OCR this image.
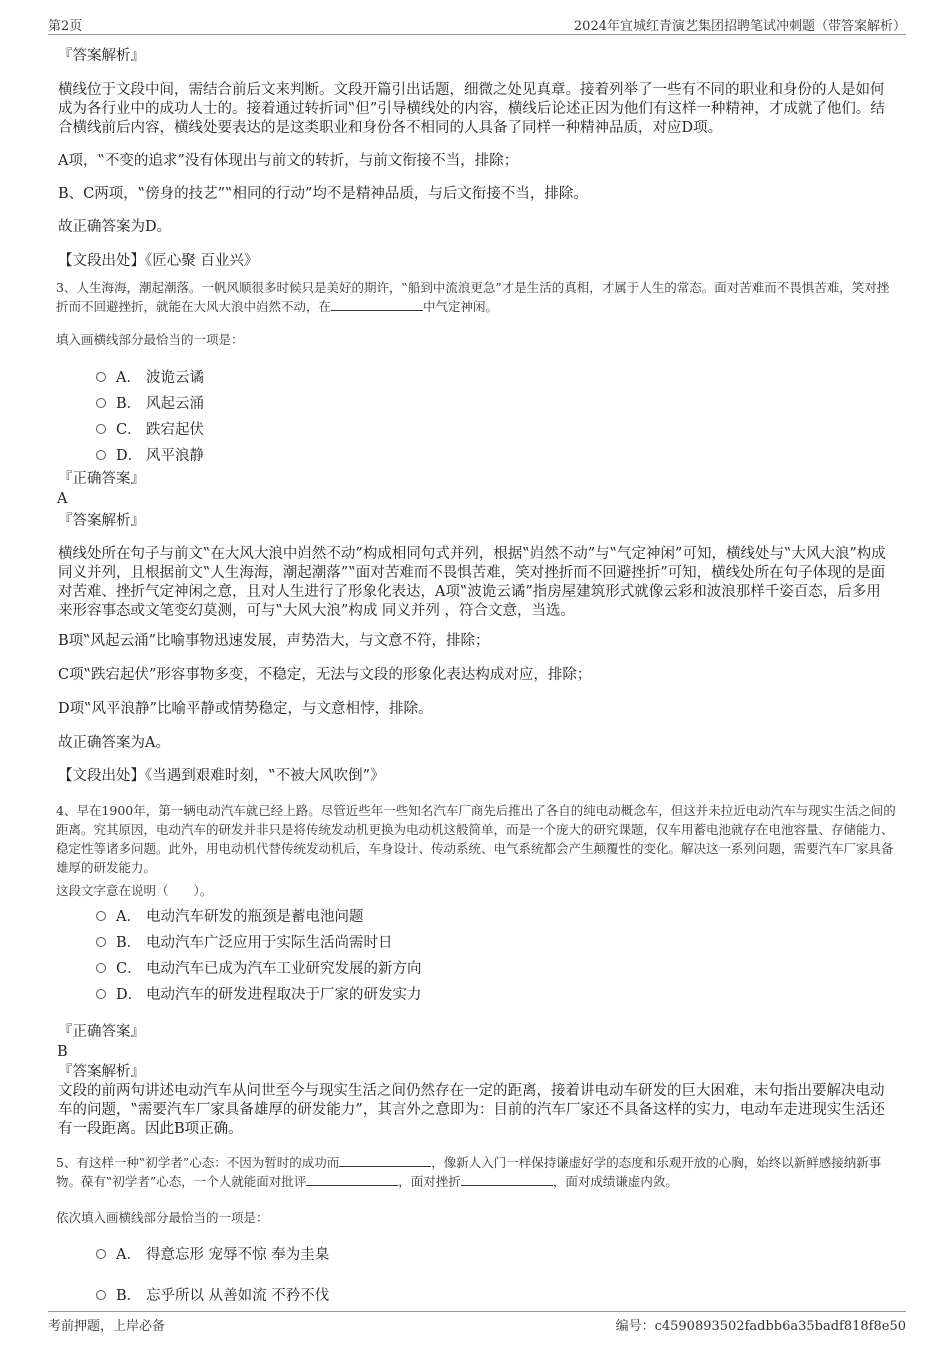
第2页	2024年宜城红青演艺集团招聘笔试冲刺题（带答案解析）
『答案解析』
横线位于文段中间，需结合前后文来判断。文段开篇引出话题，细微之处见真章。接着列举了一些有不同的职业和身份的人是如何成为各行业中的成功人士的。接着通过转折词‟但”引导横线处的内容，横线后论述正因为他们有这样一种精神，才成就了他们。结合横线前后内容，横线处要表达的是这类职业和身份各不相同的人具备了同样一种精神品质，对应D项。
A项，‟不变的追求”没有体现出与前文的转折，与前文衔接不当，排除；
B、C两项，‟傍身的技艺”‟相同的行动”均不是精神品质，与后文衔接不当，排除。
故正确答案为D。
【文段出处】《匠心聚 百业兴》
3、人生海海，潮起潮落。一帆风顺很多时候只是美好的期许，‟船到中流浪更急”才是生活的真相，才属于人生的常态。面对苦难而不畏惧苦难，笑对挫折而不回避挫折，就能在大风大浪中岿然不动，在	中气定神闲。
填入画横线部分最恰当的一项是：
A． 波诡云谲
B． 风起云涌
C． 跌宕起伏
D． 风平浪静
『正确答案』
A
『答案解析』
横线处所在句子与前文‟在大风大浪中岿然不动”构成相同句式并列，根据‟岿然不动”与‟气定神闲”可知，横线处与‟大风大浪”构成同义并列，且根据前文‟人生海海，潮起潮落”‟面对苦难而不畏惧苦难，笑对挫折而不回避挫折”可知，横线处所在句子体现的是面对苦难、挫折气定神闲之意，且对人生进行了形象化表达，A项‟波诡云谲”指房屋建筑形式就像云彩和波浪那样千姿百态，后多用来形容事态或文笔变幻莫测，可与‟大风大浪”构成 同义并列 ，符合文意，当选。
B项‟风起云涌”比喻事物迅速发展，声势浩大，与文意不符，排除；
C项‟跌宕起伏”形容事物多变，不稳定，无法与文段的形象化表达构成对应，排除；
D项‟风平浪静”比喻平静或情势稳定，与文意相悖，排除。
故正确答案为A。
【文段出处】《当遇到艰难时刻，‟不被大风吹倒”》
4、早在1900年，第一辆电动汽车就已经上路。尽管近些年一些知名汽车厂商先后推出了各自的纯电动概念车，但这并未拉近电动汽车与现实生活之间的距离。究其原因，电动汽车的研发并非只是将传统发动机更换为电动机这般简单，而是一个庞大的研究课题，仅车用蓄电池就存在电池容量、存储能力、稳定性等诸多问题。此外，用电动机代替传统发动机后，车身设计、传动系统、电气系统都会产生颠覆性的变化。解决这一系列问题，需要汽车厂家具备雄厚的研发能力。
这段文字意在说明（　　）。
A． 电动汽车研发的瓶颈是蓄电池问题
B． 电动汽车广泛应用于实际生活尚需时日
C． 电动汽车已成为汽车工业研究发展的新方向
D． 电动汽车的研发进程取决于厂家的研发实力
『正确答案』
B
『答案解析』
文段的前两句讲述电动汽车从问世至今与现实生活之间仍然存在一定的距离，接着讲电动车研发的巨大困难，末句指出要解决电动车的问题，‟需要汽车厂家具备雄厚的研发能力”，其言外之意即为：目前的汽车厂家还不具备这样的实力，电动车走进现实生活还有一段距离。因此B项正确。
5、有这样一种‟初学者”心态：不因为暂时的成功而	，像新人入门一样保持谦虚好学的态度和乐观开放的心胸，始终以新鲜感接纳新事物。葆有‟初学者”心态，一个人就能面对批评	，面对挫折	，面对成绩谦虚内敛。
依次填入画横线部分最恰当的一项是：
A． 得意忘形 宠辱不惊 奉为圭臬
B． 忘乎所以 从善如流 不矜不伐
考前押题，上岸必备	编号：c4590893502fadbb6a35badf818f8e50
